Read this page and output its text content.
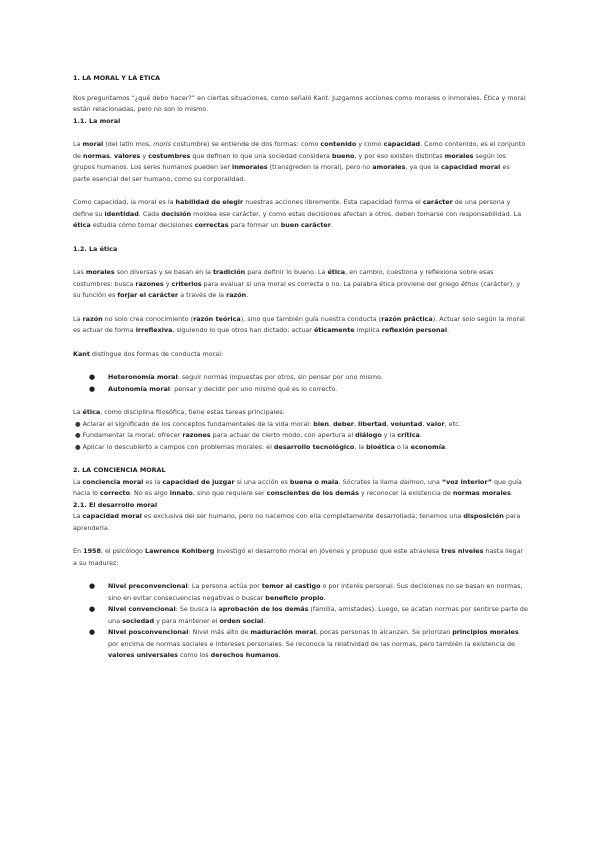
1. LA MORAL Y LA ETICA

Nos preguntamos “¿qué debo hacer?” en ciertas situaciones, como señaló Kant. Juzgamos acciones como morales o inmorales. Ética y moral están relacionadas, pero no son lo mismo.

1.1. La moral

La moral (del latín mos, moris costumbre) se entiende de dos formas: como contenido y como capacidad. Como contenido, es el conjunto de normas, valores y costumbres que definen lo que una sociedad considera bueno, y por eso existen distintas morales según los grupos humanos. Los seres humanos pueden ser inmorales (transgreden la moral), pero no amorales, ya que la capacidad moral es parte esencial del ser humano, como su corporalidad.

Como capacidad, la moral es la habilidad de elegir nuestras acciones libremente. Esta capacidad forma el carácter de una persona y define su identidad. Cada decisión moldea ese carácter, y como estas decisiones afectan a otros, deben tomarse con responsabilidad. La ética estudia cómo tomar decisiones correctas para formar un buen carácter.

1.2. La ética

Las morales son diversas y se basan en la tradición para definir lo bueno. La ética, en cambio, cuestiona y reflexiona sobre esas costumbres: busca razones y criterios para evaluar si una moral es correcta o no. La palabra ética proviene del griego êthos (carácter), y su función es forjar el carácter a través de la razón.

La razón no solo crea conocimiento (razón teórica), sino que también guía nuestra conducta (razón práctica). Actuar solo según la moral es actuar de forma irreflexiva, siguiendo lo que otros han dictado; actuar éticamente implica reflexión personal.

Kant distingue dos formas de conducta moral:

● Heteronomía moral: seguir normas impuestas por otros, sin pensar por uno mismo.
● Autonomía moral: pensar y decidir por uno mismo qué es lo correcto.

La ética, como disciplina filosófica, tiene estas tareas principales:

● Aclarar el significado de los conceptos fundamentales de la vida moral: bien, deber, libertad, voluntad, valor, etc.

● Fundamentar la moral: ofrecer razones para actuar de cierto modo, con apertura al diálogo y la crítica.

● Aplicar lo descubierto a campos con problemas morales: el desarrollo tecnológico, la bioética o la economía.

2. LA CONCIENCIA MORAL

La conciencia moral es la capacidad de juzgar si una acción es buena o mala. Sócrates la llama daimon, una “voz interior” que guía hacia lo correcto. No es algo innato, sino que requiere ser conscientes de los demás y reconocer la existencia de normas morales.

2.1. El desarrollo moral

La capacidad moral es exclusiva del ser humano, pero no nacemos con ella completamente desarrollada; tenemos una disposición para aprenderla.

En 1958, el psicólogo Lawrence Kohlberg investigó el desarrollo moral en jóvenes y propuso que este atraviesa tres niveles hasta llegar a su madurez:

● Nivel preconvencional: La persona actúa por temor al castigo o por interés personal. Sus decisiones no se basan en normas, sino en evitar consecuencias negativas o buscar beneficio propio.
● Nivel convencional: Se busca la aprobación de los demás (familia, amistades). Luego, se acatan normas por sentirse parte de una sociedad y para mantener el orden social.
● Nivel posconvencional: Nivel más alto de maduración moral, pocas personas lo alcanzan. Se priorizan principios morales por encima de normas sociales e intereses personales. Se reconoce la relatividad de las normas, pero también la existencia de valores universales como los derechos humanos.
